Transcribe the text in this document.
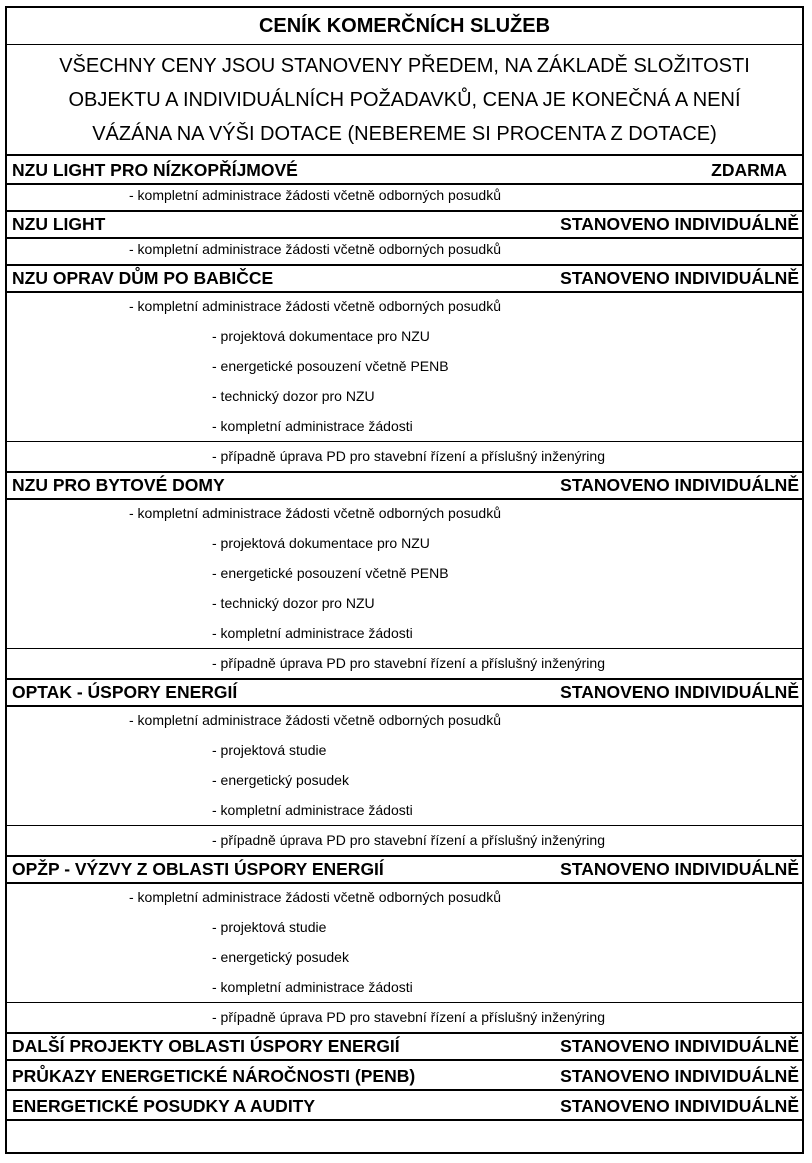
CENÍK KOMERČNÍCH SLUŽEB
VŠECHNY CENY JSOU STANOVENY PŘEDEM, NA ZÁKLADĚ SLOŽITOSTI
OBJEKTU A INDIVIDUÁLNÍCH POŽADAVKŮ, CENA JE KONEČNÁ A NENÍ
VÁZÁNA NA VÝŠI DOTACE (NEBEREME SI PROCENTA Z DOTACE)
NZU LIGHT PRO NÍZKOPŘÍJMOVÉ	ZDARMA
- kompletní administrace žádosti včetně odborných posudků
NZU LIGHT	STANOVENO INDIVIDUÁLNĚ
- kompletní administrace žádosti včetně odborných posudků
NZU OPRAV DŮM PO BABIČCE	STANOVENO INDIVIDUÁLNĚ
- kompletní administrace žádosti včetně odborných posudků
- projektová dokumentace pro NZU
- energetické posouzení včetně PENB
- technický dozor pro NZU
- kompletní administrace žádosti
- případně úprava PD pro stavební řízení a příslušný inženýring
NZU PRO BYTOVÉ DOMY	STANOVENO INDIVIDUÁLNĚ
- kompletní administrace žádosti včetně odborných posudků
- projektová dokumentace pro NZU
- energetické posouzení včetně PENB
- technický dozor pro NZU
- kompletní administrace žádosti
- případně úprava PD pro stavební řízení a příslušný inženýring
OPTAK - ÚSPORY ENERGIÍ	STANOVENO INDIVIDUÁLNĚ
- kompletní administrace žádosti včetně odborných posudků
- projektová studie
- energetický posudek
- kompletní administrace žádosti
- případně úprava PD pro stavební řízení a příslušný inženýring
OPŽP - VÝZVY Z OBLASTI ÚSPORY ENERGIÍ	STANOVENO INDIVIDUÁLNĚ
- kompletní administrace žádosti včetně odborných posudků
- projektová studie
- energetický posudek
- kompletní administrace žádosti
- případně úprava PD pro stavební řízení a příslušný inženýring
DALŠÍ PROJEKTY OBLASTI ÚSPORY ENERGIÍ	STANOVENO INDIVIDUÁLNĚ
PRŮKAZY ENERGETICKÉ NÁROČNOSTI (PENB)	STANOVENO INDIVIDUÁLNĚ
ENERGETICKÉ POSUDKY A AUDITY	STANOVENO INDIVIDUÁLNĚ
